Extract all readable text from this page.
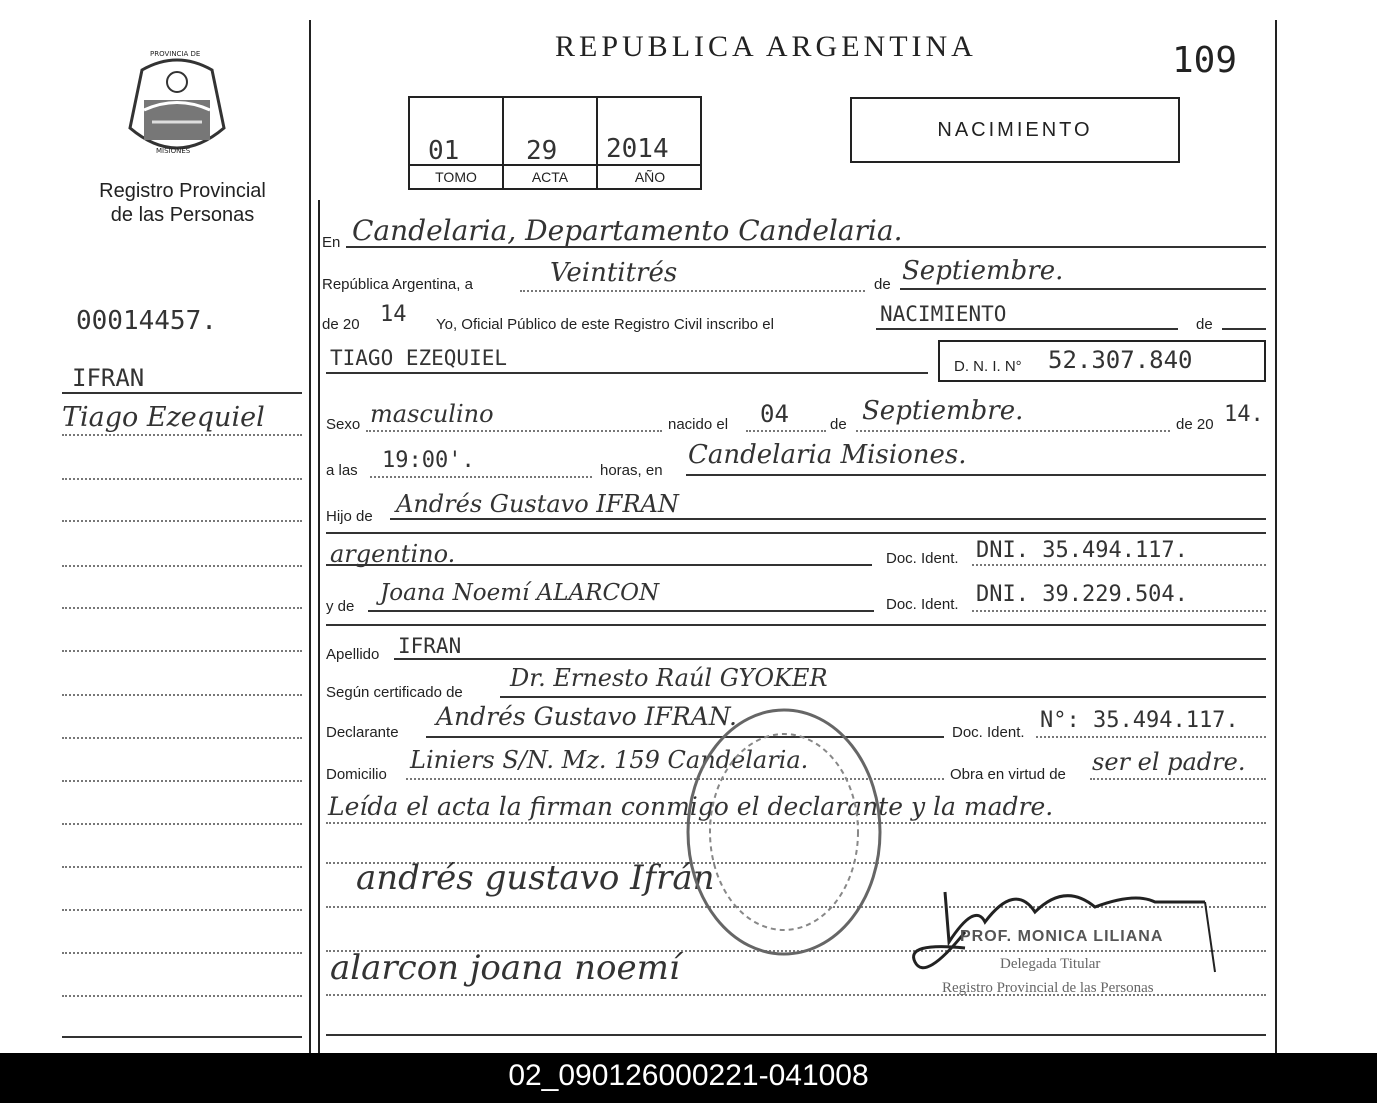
PROVINCIA DE
MISIONES
Registro Provincial
de las Personas
00014457.
IFRAN
Tiago Ezequiel
REPUBLICA ARGENTINA	109
01	29 2014
TOMO	ACTA	AÑO
NACIMIENTO
En Candelaria, Departamento Candelaria.
República Argentina, a	Veintitrés	de Septiembre.
de 20 14 Yo, Oficial Público de este Registro Civil inscribo el	NACIMIENTO	de
TIAGO EZEQUIEL	D. N. I. N° 52.307.840
Sexo masculino	nacido el 04	de Septiembre.	de 20 14.
a las 19:00'.	horas, en
Candelaria Misiones.
Hijo de Andrés Gustavo IFRAN
argentino.	Doc. Ident. DNI. 35.494.117.
y de
Joana Noemí ALARCON	Doc. Ident. DNI. 39.229.504.
Apellido IFRAN
Según certificado de
Dr. Ernesto Raúl GYOKER
Declarante
Andrés Gustavo IFRAN.
Doc. Ident. N°: 35.494.117.
Domicilio
Liniers S/N. Mz. 159 Candelaria.
Obra en virtud de ser el padre.
Leída el acta la firman conmigo el declarante y la madre.
andrés gustavo Ifrán
alarcon joana noemí
PROF. MONICA LILIANA
Delegada Titular
Registro Provincial de las Personas
02_090126000221-041008
